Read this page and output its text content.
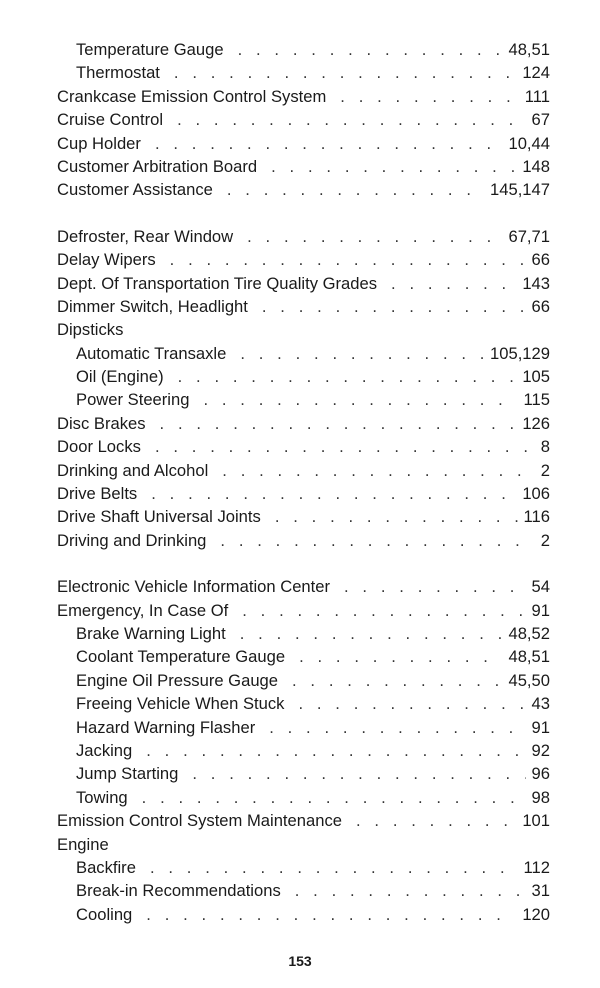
Temperature Gauge . . .	48,51
Thermostat . . .	124
Crankcase Emission Control System . . .	111
Cruise Control . . .	67
Cup Holder . . .	10,44
Customer Arbitration Board . . .	148
Customer Assistance . . .	145,147
Defroster, Rear Window . . .	67,71
Delay Wipers . . .	66
Dept. Of Transportation Tire Quality Grades . . .	143
Dimmer Switch, Headlight . . .	66
Dipsticks
Automatic Transaxle . . .	105,129
Oil (Engine) . . .	105
Power Steering . . .	115
Disc Brakes . . .	126
Door Locks . . .	8
Drinking and Alcohol . . .	2
Drive Belts . . .	106
Drive Shaft Universal Joints . . .	116
Driving and Drinking . . .	2
Electronic Vehicle Information Center . . .	54
Emergency, In Case Of . . .	91
Brake Warning Light . . .	48,52
Coolant Temperature Gauge . . .	48,51
Engine Oil Pressure Gauge . . .	45,50
Freeing Vehicle When Stuck . . .	43
Hazard Warning Flasher . . .	91
Jacking . . .	92
Jump Starting . . .	96
Towing . . .	98
Emission Control System Maintenance . . .	101
Engine
Backfire . . .	112
Break-in Recommendations . . .	31
Cooling . . .	120
153
